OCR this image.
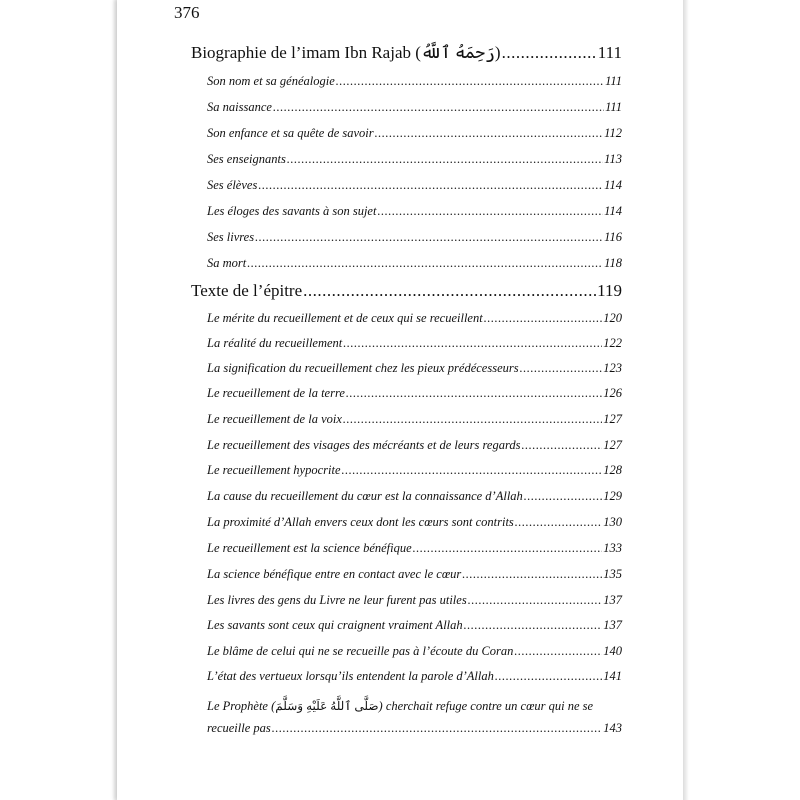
376
Biographie de l’imam Ibn Rajab (رَحِمَهُ ٱللَّهُ) .....	111
Son nom et sa généalogie .....	111
Sa naissance .....	111
Son enfance et sa quête de savoir .....	112
Ses enseignants .....	113
Ses élèves .....	114
Les éloges des savants à son sujet .....	114
Ses livres .....	116
Sa mort .....	118
Texte de l’épitre .....	119
Le mérite du recueillement et de ceux qui se recueillent .....	120
La réalité du recueillement .....	122
La signification du recueillement chez les pieux prédécesseurs .....	123
Le recueillement de la terre .....	126
Le recueillement de la voix .....	127
Le recueillement des visages des mécréants et de leurs regards .....	127
Le recueillement hypocrite .....	128
La cause du recueillement du cœur est la connaissance d’Allah .....	129
La proximité d’Allah envers ceux dont les cœurs sont contrits .....	130
Le recueillement est la science bénéfique .....	133
La science bénéfique entre en contact avec le cœur .....	135
Les livres des gens du Livre ne leur furent pas utiles .....	137
Les savants sont ceux qui craignent vraiment Allah .....	137
Le blâme de celui qui ne se recueille pas à l’écoute du Coran .....	140
L’état des vertueux lorsqu’ils entendent la parole d’Allah .....	141
Le Prophète (صَلَّى ٱللَّهُ عَلَيْهِ وَسَلَّمَ) cherchait refuge contre un cœur qui ne se
recueille pas .....	143
